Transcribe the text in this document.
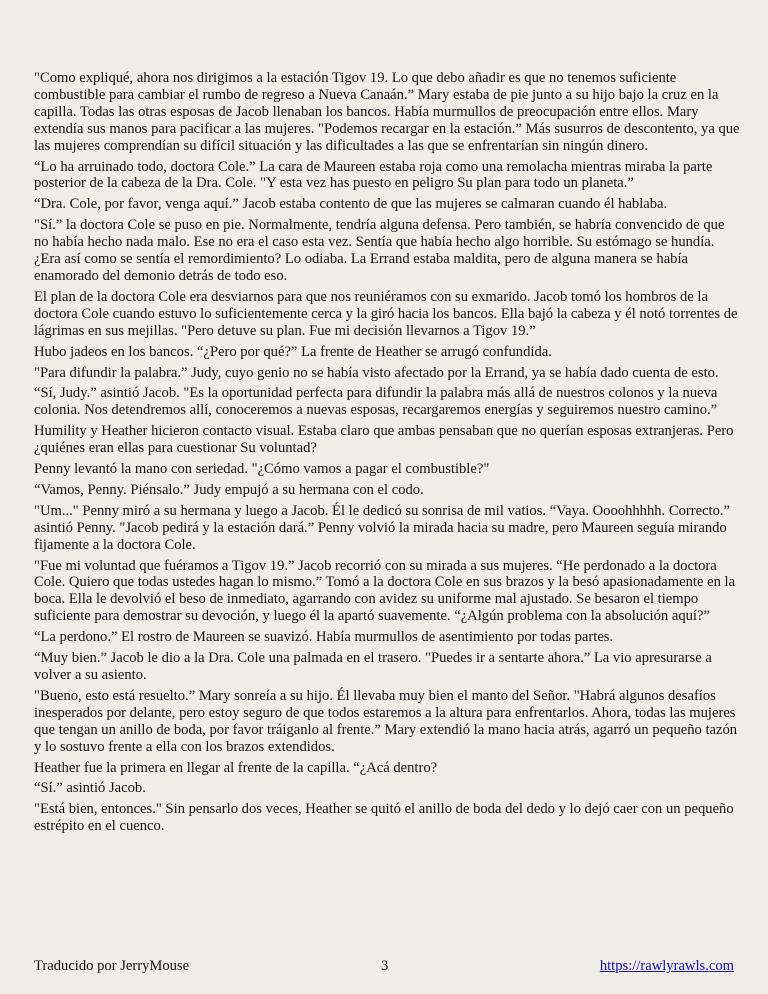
"Como expliqué, ahora nos dirigimos a la estación Tigov 19. Lo que debo añadir es que no tenemos suficiente combustible para cambiar el rumbo de regreso a Nueva Canaán.” Mary estaba de pie junto a su hijo bajo la cruz en la capilla. Todas las otras esposas de Jacob llenaban los bancos. Había murmullos de preocupación entre ellos. Mary extendía sus manos para pacificar a las mujeres. "Podemos recargar en la estación.” Más susurros de descontento, ya que las mujeres comprendían su difícil situación y las dificultades a las que se enfrentarían sin ningún dinero.

“Lo ha arruinado todo, doctora Cole.” La cara de Maureen estaba roja como una remolacha mientras miraba la parte posterior de la cabeza de la Dra. Cole. "Y esta vez has puesto en peligro Su plan para todo un planeta.”

“Dra. Cole, por favor, venga aquí.” Jacob estaba contento de que las mujeres se calmaran cuando él hablaba.

"Sí.” la doctora Cole se puso en pie. Normalmente, tendría alguna defensa. Pero también, se habría convencido de que no había hecho nada malo. Ese no era el caso esta vez. Sentía que había hecho algo horrible. Su estómago se hundía. ¿Era así como se sentía el remordimiento? Lo odiaba. La Errand estaba maldita, pero de alguna manera se había enamorado del demonio detrás de todo eso.

El plan de la doctora Cole era desviarnos para que nos reuniéramos con su exmarido. Jacob tomó los hombros de la doctora Cole cuando estuvo lo suficientemente cerca y la giró hacia los bancos. Ella bajó la cabeza y él notó torrentes de lágrimas en sus mejillas. "Pero detuve su plan. Fue mi decisión llevarnos a Tigov 19.”

Hubo jadeos en los bancos. “¿Pero por qué?” La frente de Heather se arrugó confundida.

"Para difundir la palabra.” Judy, cuyo genio no se había visto afectado por la Errand, ya se había dado cuenta de esto.

“Sí, Judy.” asintió Jacob. "Es la oportunidad perfecta para difundir la palabra más allá de nuestros colonos y la nueva colonia. Nos detendremos allí, conoceremos a nuevas esposas, recargaremos energías y seguiremos nuestro camino.”

Humility y Heather hicieron contacto visual. Estaba claro que ambas pensaban que no querían esposas extranjeras. Pero ¿quiénes eran ellas para cuestionar Su voluntad?

Penny levantó la mano con seriedad. "¿Cómo vamos a pagar el combustible?"

“Vamos, Penny. Piénsalo.” Judy empujó a su hermana con el codo.

"Um..." Penny miró a su hermana y luego a Jacob. Él le dedicó su sonrisa de mil vatios. “Vaya. Oooohhhhh. Correcto.” asintió Penny. "Jacob pedirá y la estación dará.” Penny volvió la mirada hacia su madre, pero Maureen seguía mirando fijamente a la doctora Cole.

"Fue mi voluntad que fuéramos a Tigov 19.” Jacob recorrió con su mirada a sus mujeres. “He perdonado a la doctora Cole. Quiero que todas ustedes hagan lo mismo.” Tomó a la doctora Cole en sus brazos y la besó apasionadamente en la boca. Ella le devolvió el beso de inmediato, agarrando con avidez su uniforme mal ajustado. Se besaron el tiempo suficiente para demostrar su devoción, y luego él la apartó suavemente. “¿Algún problema con la absolución aquí?”

“La perdono.” El rostro de Maureen se suavizó. Había murmullos de asentimiento por todas partes.

“Muy bien.” Jacob le dio a la Dra. Cole una palmada en el trasero. "Puedes ir a sentarte ahora.” La vio apresurarse a volver a su asiento.

"Bueno, esto está resuelto.” Mary sonreía a su hijo. Él llevaba muy bien el manto del Señor. "Habrá algunos desafíos inesperados por delante, pero estoy seguro de que todos estaremos a la altura para enfrentarlos. Ahora, todas las mujeres que tengan un anillo de boda, por favor tráiganlo al frente.” Mary extendió la mano hacia atrás, agarró un pequeño tazón y lo sostuvo frente a ella con los brazos extendidos.

Heather fue la primera en llegar al frente de la capilla. “¿Acá dentro?

“Sí.” asintió Jacob.

"Está bien, entonces." Sin pensarlo dos veces, Heather se quitó el anillo de boda del dedo y lo dejó caer con un pequeño estrépito en el cuenco.

Traducido por JerryMouse	3	https://rawlyrawls.com
